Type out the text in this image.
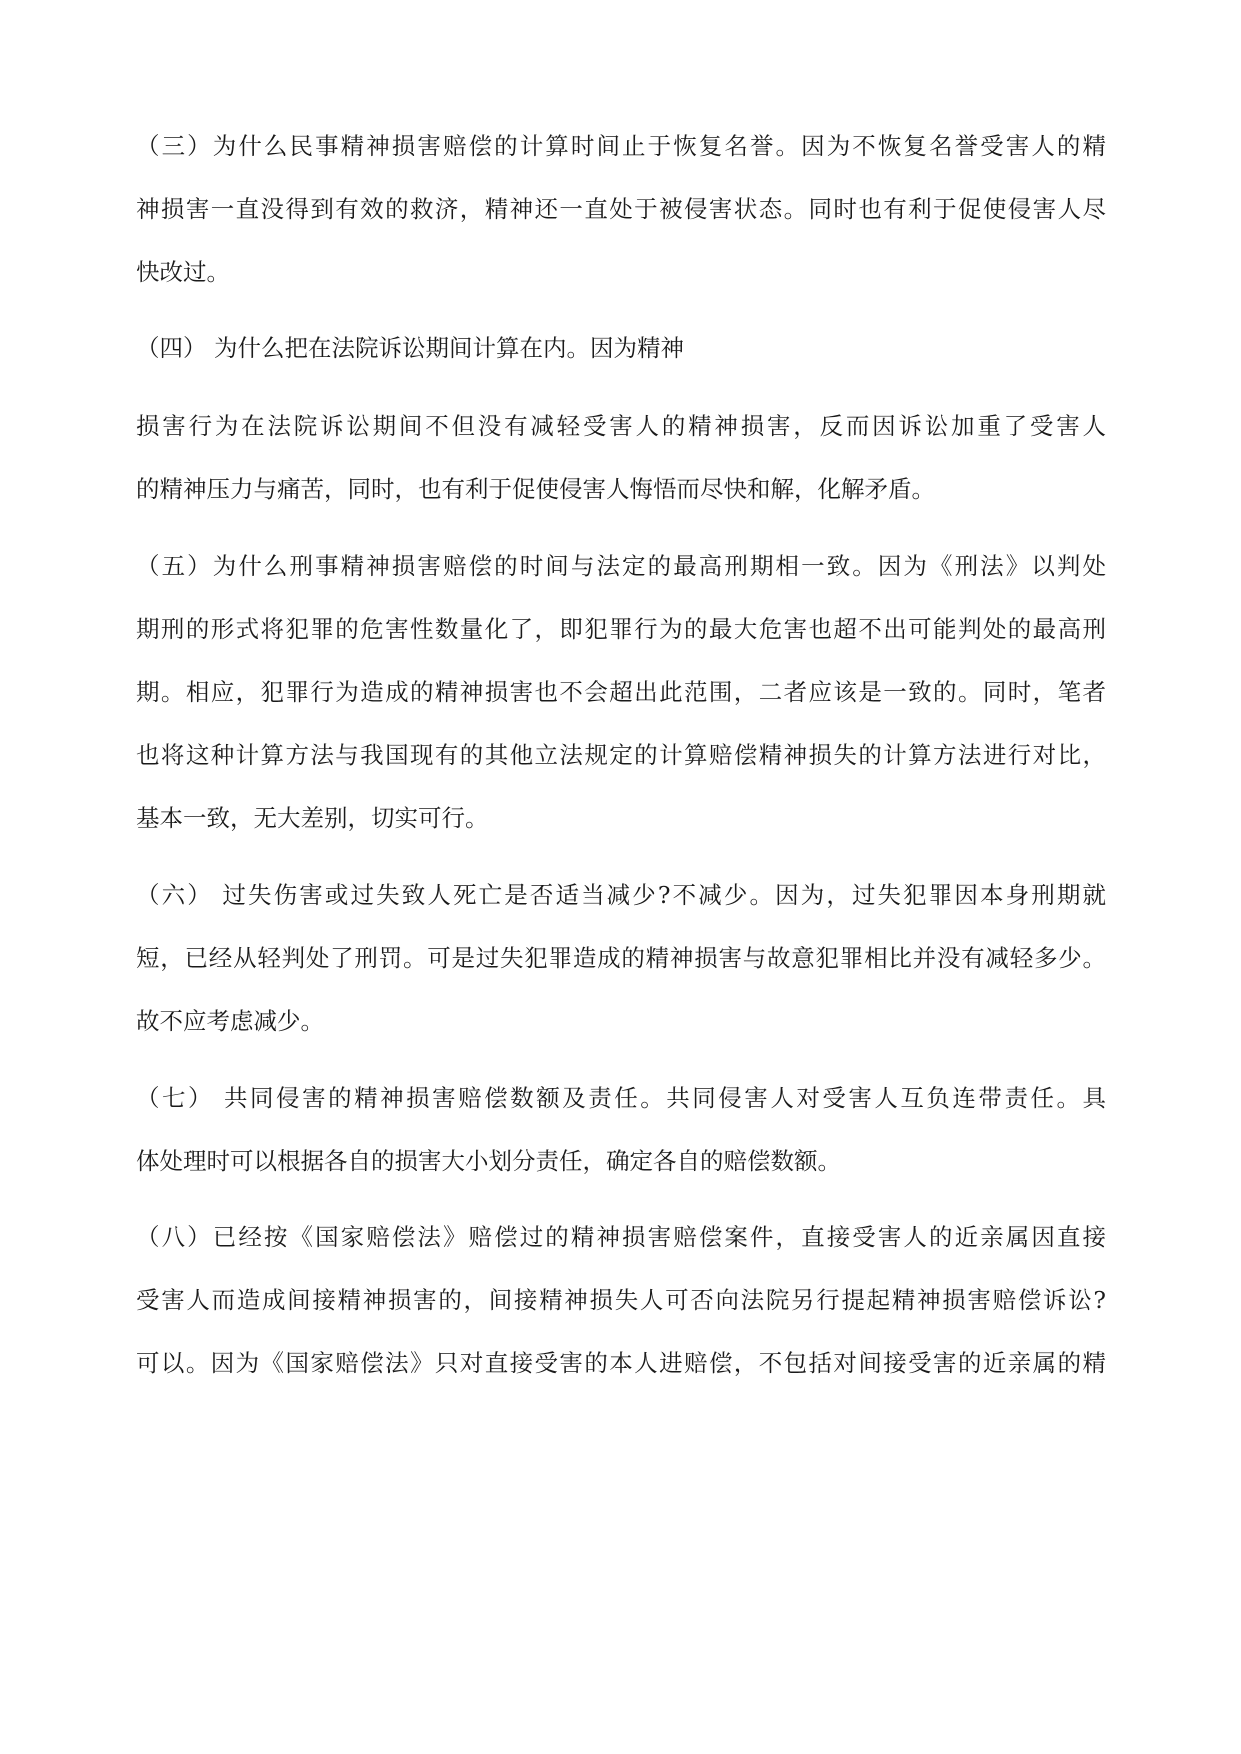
（三）为什么民事精神损害赔偿的计算时间止于恢复名誉。因为不恢复名誉受害人的精
神损害一直没得到有效的救济，精神还一直处于被侵害状态。同时也有利于促使侵害人尽
快改过。
（四） 为什么把在法院诉讼期间计算在内。因为精神
损害行为在法院诉讼期间不但没有减轻受害人的精神损害，反而因诉讼加重了受害人
的精神压力与痛苦，同时，也有利于促使侵害人悔悟而尽快和解，化解矛盾。
（五）为什么刑事精神损害赔偿的时间与法定的最高刑期相一致。因为《刑法》以判处
期刑的形式将犯罪的危害性数量化了，即犯罪行为的最大危害也超不出可能判处的最高刑
期。相应，犯罪行为造成的精神损害也不会超出此范围，二者应该是一致的。同时，笔者
也将这种计算方法与我国现有的其他立法规定的计算赔偿精神损失的计算方法进行对比，
基本一致，无大差别，切实可行。
（六） 过失伤害或过失致人死亡是否适当减少?不减少。因为，过失犯罪因本身刑期就
短，已经从轻判处了刑罚。可是过失犯罪造成的精神损害与故意犯罪相比并没有减轻多少。
故不应考虑减少。
（七） 共同侵害的精神损害赔偿数额及责任。共同侵害人对受害人互负连带责任。具
体处理时可以根据各自的损害大小划分责任，确定各自的赔偿数额。
（八）已经按《国家赔偿法》赔偿过的精神损害赔偿案件，直接受害人的近亲属因直接
受害人而造成间接精神损害的，间接精神损失人可否向法院另行提起精神损害赔偿诉讼?
可以。因为《国家赔偿法》只对直接受害的本人进赔偿，不包括对间接受害的近亲属的精
